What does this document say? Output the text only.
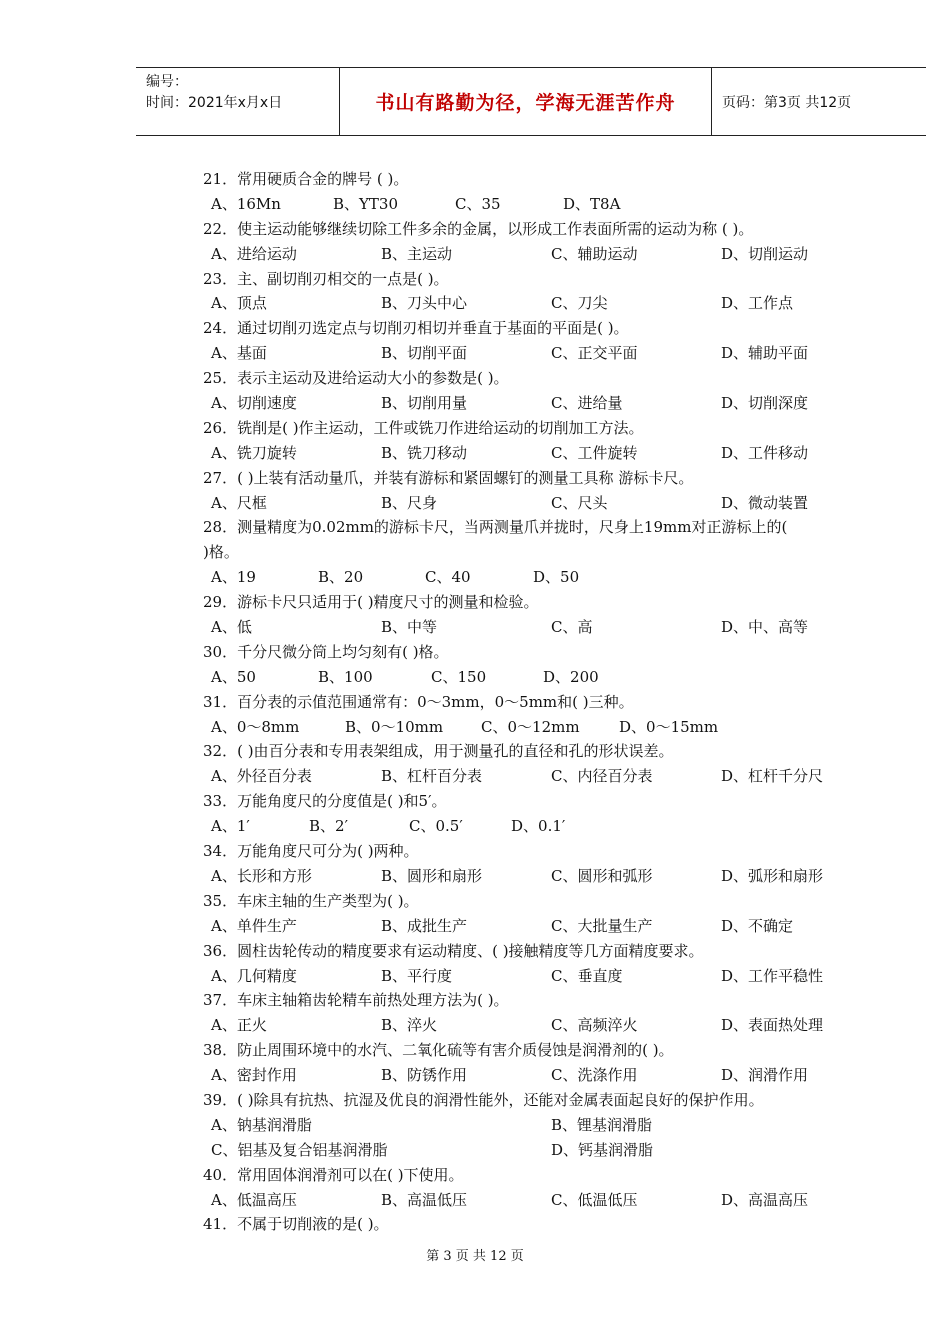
编号：
时间：2021年x月x日	书山有路勤为径，学海无涯苦作舟	页码：第3页 共12页
21．常用硬质合金的牌号 ( )。
A、16Mn	B、YT30	C、35	D、T8A
22．使主运动能够继续切除工件多余的金属，以形成工作表面所需的运动为称 ( )。
A、进给运动	B、主运动	C、辅助运动	D、切削运动
23．主、副切削刃相交的一点是( )。
A、顶点	B、刀头中心	C、刀尖	D、工作点
24．通过切削刃选定点与切削刃相切并垂直于基面的平面是( )。
A、基面	B、切削平面	C、正交平面	D、辅助平面
25．表示主运动及进给运动大小的参数是( )。
A、切削速度	B、切削用量	C、进给量	D、切削深度
26．铣削是( )作主运动，工件或铣刀作进给运动的切削加工方法。
A、铣刀旋转	B、铣刀移动	C、工件旋转	D、工件移动
27．( )上装有活动量爪，并装有游标和紧固螺钉的测量工具称 游标卡尺。
A、尺框	B、尺身	C、尺头	D、微动装置
28．测量精度为0.02mm的游标卡尺，当两测量爪并拢时，尺身上19mm对正游标上的(
)格。
A、19	B、20	C、40	D、50
29．游标卡尺只适用于( )精度尺寸的测量和检验。
A、低	B、中等	C、高	D、中、高等
30．千分尺微分筒上均匀刻有( )格。
A、50	B、100	C、150	D、200
31．百分表的示值范围通常有：0～3mm，0～5mm和( )三种。
A、0～8mm	B、0～10mm	C、0～12mm	D、0～15mm
32．( )由百分表和专用表架组成，用于测量孔的直径和孔的形状误差。
A、外径百分表	B、杠杆百分表	C、内径百分表	D、杠杆千分尺
33．万能角度尺的分度值是( )和5′。
A、1′	B、2′	C、0.5′	D、0.1′
34．万能角度尺可分为( )两种。
A、长形和方形	B、圆形和扇形	C、圆形和弧形	D、弧形和扇形
35．车床主轴的生产类型为( )。
A、单件生产	B、成批生产	C、大批量生产	D、不确定
36．圆柱齿轮传动的精度要求有运动精度、( )接触精度等几方面精度要求。
A、几何精度	B、平行度	C、垂直度	D、工作平稳性
37．车床主轴箱齿轮精车前热处理方法为( )。
A、正火	B、淬火	C、高频淬火	D、表面热处理
38．防止周围环境中的水汽、二氧化硫等有害介质侵蚀是润滑剂的( )。
A、密封作用	B、防锈作用	C、洗涤作用	D、润滑作用
39．( )除具有抗热、抗湿及优良的润滑性能外，还能对金属表面起良好的保护作用。
A、钠基润滑脂	B、锂基润滑脂
C、铝基及复合铝基润滑脂	D、钙基润滑脂
40．常用固体润滑剂可以在( )下使用。
A、低温高压	B、高温低压	C、低温低压	D、高温高压
41．不属于切削液的是( )。
第 3 页 共 12 页
